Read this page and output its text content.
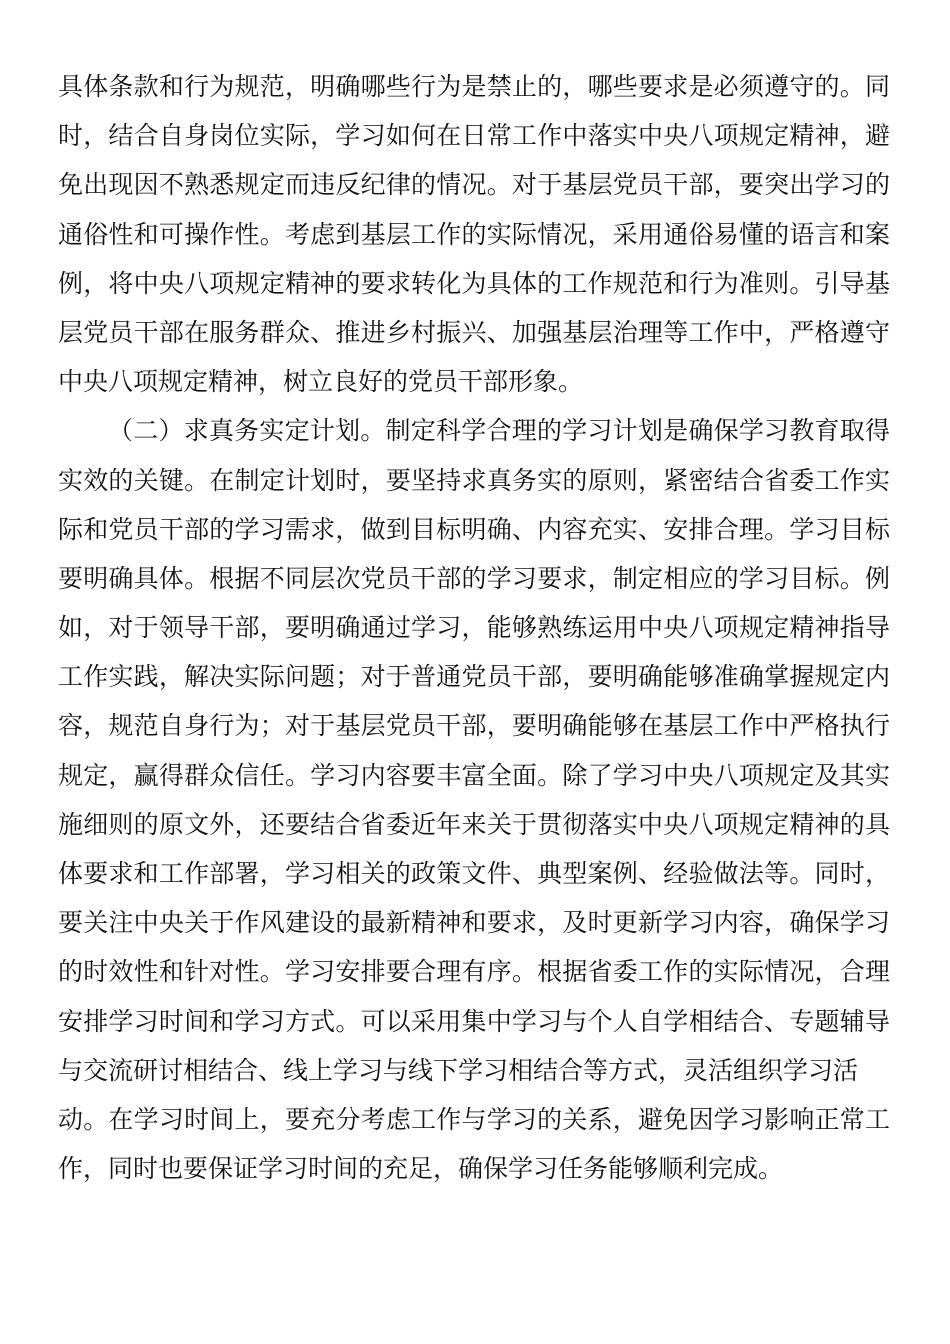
具体条款和行为规范，明确哪些行为是禁止的，哪些要求是必须遵守的。同
时，结合自身岗位实际，学习如何在日常工作中落实中央八项规定精神，避
免出现因不熟悉规定而违反纪律的情况。对于基层党员干部，要突出学习的
通俗性和可操作性。考虑到基层工作的实际情况，采用通俗易懂的语言和案
例，将中央八项规定精神的要求转化为具体的工作规范和行为准则。引导基
层党员干部在服务群众、推进乡村振兴、加强基层治理等工作中，严格遵守
中央八项规定精神，树立良好的党员干部形象。
（二）求真务实定计划。制定科学合理的学习计划是确保学习教育取得
实效的关键。在制定计划时，要坚持求真务实的原则，紧密结合省委工作实
际和党员干部的学习需求，做到目标明确、内容充实、安排合理。学习目标
要明确具体。根据不同层次党员干部的学习要求，制定相应的学习目标。例
如，对于领导干部，要明确通过学习，能够熟练运用中央八项规定精神指导
工作实践，解决实际问题；对于普通党员干部，要明确能够准确掌握规定内
容，规范自身行为；对于基层党员干部，要明确能够在基层工作中严格执行
规定，赢得群众信任。学习内容要丰富全面。除了学习中央八项规定及其实
施细则的原文外，还要结合省委近年来关于贯彻落实中央八项规定精神的具
体要求和工作部署，学习相关的政策文件、典型案例、经验做法等。同时，
要关注中央关于作风建设的最新精神和要求，及时更新学习内容，确保学习
的时效性和针对性。学习安排要合理有序。根据省委工作的实际情况，合理
安排学习时间和学习方式。可以采用集中学习与个人自学相结合、专题辅导
与交流研讨相结合、线上学习与线下学习相结合等方式，灵活组织学习活
动。在学习时间上，要充分考虑工作与学习的关系，避免因学习影响正常工
作，同时也要保证学习时间的充足，确保学习任务能够顺利完成。
